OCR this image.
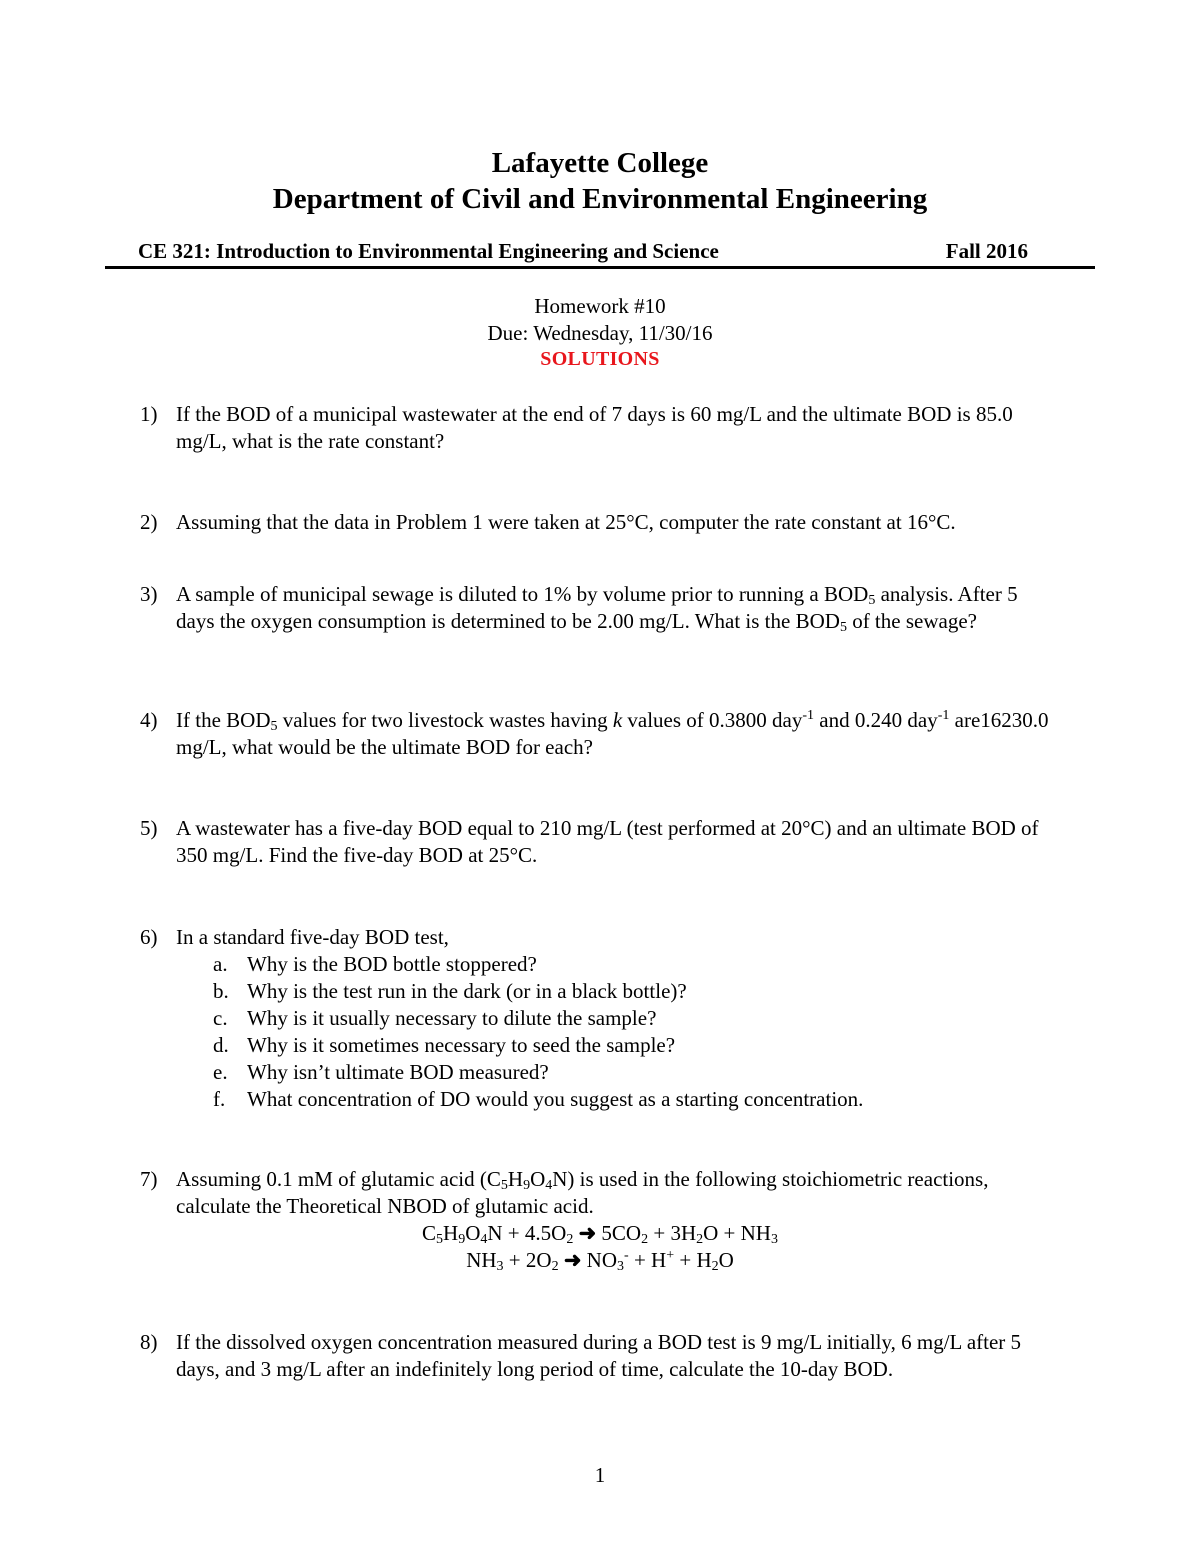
Lafayette College
Department of Civil and Environmental Engineering
CE 321: Introduction to Environmental Engineering and Science	Fall 2016
Homework #10
Due: Wednesday, 11/30/16
SOLUTIONS
1) If the BOD of a municipal wastewater at the end of 7 days is 60 mg/L and the ultimate BOD is 85.0 mg/L, what is the rate constant?
2) Assuming that the data in Problem 1 were taken at 25°C, computer the rate constant at 16°C.
3) A sample of municipal sewage is diluted to 1% by volume prior to running a $BOD_5$ analysis. After 5 days the oxygen consumption is determined to be 2.00 mg/L. What is the $BOD_5$ of the sewage?
4) If the $BOD_5$ values for two livestock wastes having k values of 0.3800 day$^{-1}$ and 0.240 day$^{-1}$ are16230.0 mg/L, what would be the ultimate BOD for each?
5) A wastewater has a five-day BOD equal to 210 mg/L (test performed at 20°C) and an ultimate BOD of 350 mg/L. Find the five-day BOD at 25°C.
6) In a standard five-day BOD test,
a. Why is the BOD bottle stoppered?
b. Why is the test run in the dark (or in a black bottle)?
c. Why is it usually necessary to dilute the sample?
d. Why is it sometimes necessary to seed the sample?
e. Why isn’t ultimate BOD measured?
f. What concentration of DO would you suggest as a starting concentration.
7) Assuming 0.1 mM of glutamic acid $(C_5H_9O_4N)$ is used in the following stoichiometric reactions, calculate the Theoretical NBOD of glutamic acid.
$C_5H_9O_4N + 4.5O_2$ ➜ $5CO_2 + 3H_2O + NH_3$
$NH_3 + 2O_2$ ➜ $NO_3^- + H^+ + H_2O$
8) If the dissolved oxygen concentration measured during a BOD test is 9 mg/L initially, 6 mg/L after 5 days, and 3 mg/L after an indefinitely long period of time, calculate the 10-day BOD.
1
